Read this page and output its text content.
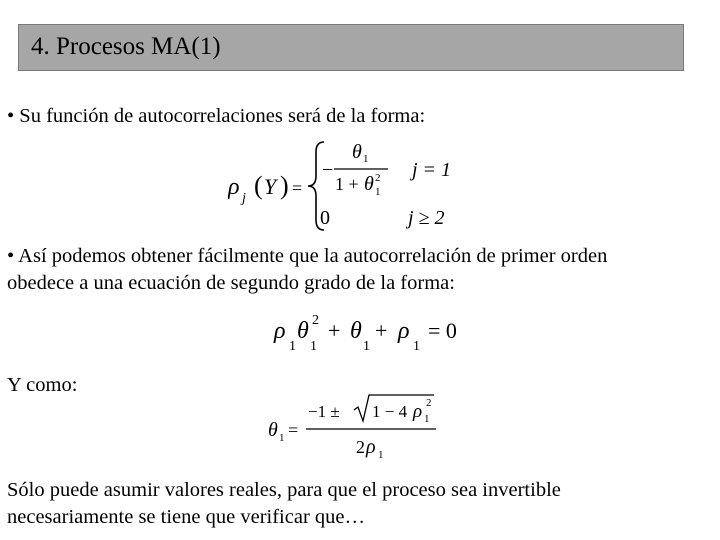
4. Procesos MA(1)
• Su función de autocorrelaciones será de la forma:
ρ j ( Y ) =
−
θ 1
1 + θ 1
2 j = 1
0	j ≥ 2
• Así podemos obtener fácilmente que la autocorrelación de primer orden
obedece a una ecuación de segundo grado de la forma:
ρ
1
θ
1
2 + θ
1
+ ρ
1
= 0
Y como:
θ 1 =
−1 ± 1 − 4 ρ 1
2
2 ρ 1
Sólo puede asumir valores reales, para que el proceso sea invertible
necesariamente se tiene que verificar que…
